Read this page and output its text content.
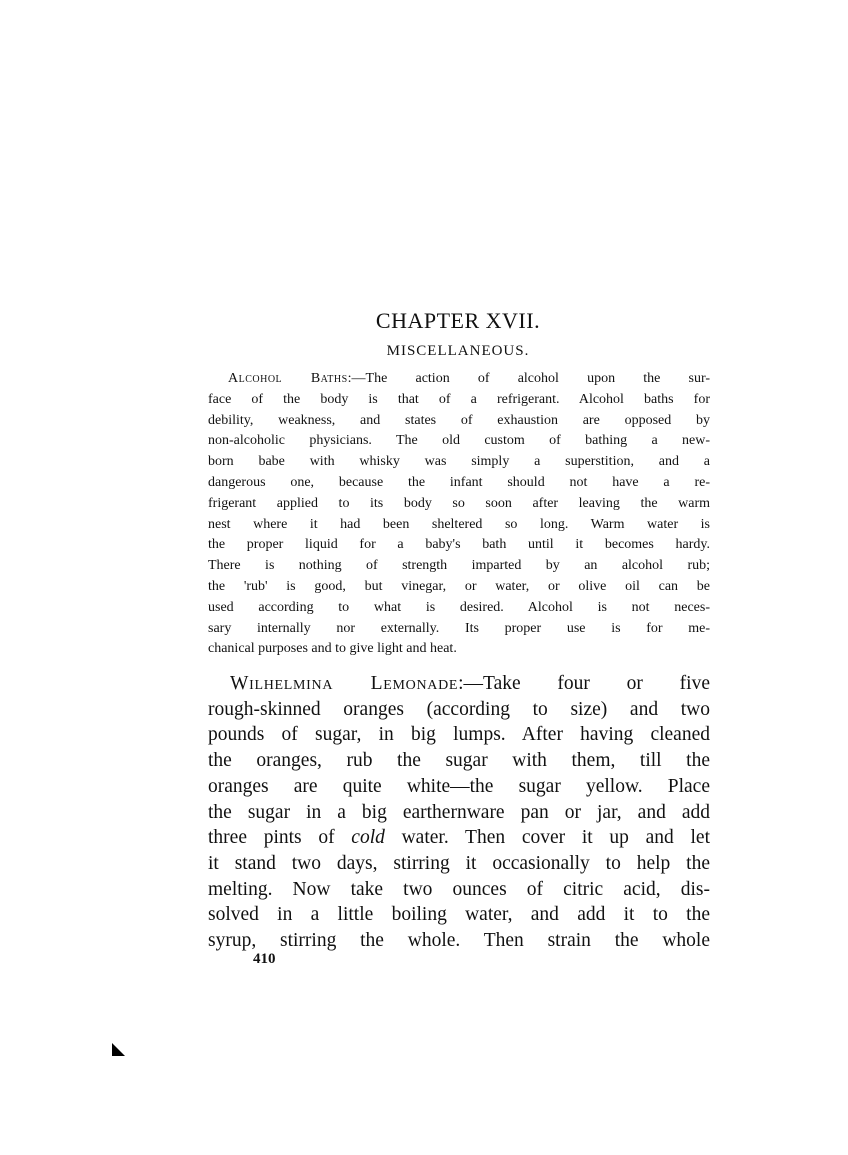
CHAPTER XVII.
MISCELLANEOUS.
Alcohol Baths:—The action of alcohol upon the sur-
face of the body is that of a refrigerant. Alcohol baths for
debility, weakness, and states of exhaustion are opposed by
non-alcoholic physicians. The old custom of bathing a new-
born babe with whisky was simply a superstition, and a
dangerous one, because the infant should not have a re-
frigerant applied to its body so soon after leaving the warm
nest where it had been sheltered so long. Warm water is
the proper liquid for a baby's bath until it becomes hardy.
There is nothing of strength imparted by an alcohol rub;
the 'rub' is good, but vinegar, or water, or olive oil can be
used according to what is desired. Alcohol is not neces-
sary internally nor externally. Its proper use is for me-
chanical purposes and to give light and heat.
Wilhelmina Lemonade:—Take four or five
rough-skinned oranges (according to size) and two
pounds of sugar, in big lumps. After having cleaned
the oranges, rub the sugar with them, till the
oranges are quite white—the sugar yellow. Place
the sugar in a big earthernware pan or jar, and add
three pints of cold water. Then cover it up and let
it stand two days, stirring it occasionally to help the
melting. Now take two ounces of citric acid, dis-
solved in a little boiling water, and add it to the
syrup, stirring the whole. Then strain the whole
410
